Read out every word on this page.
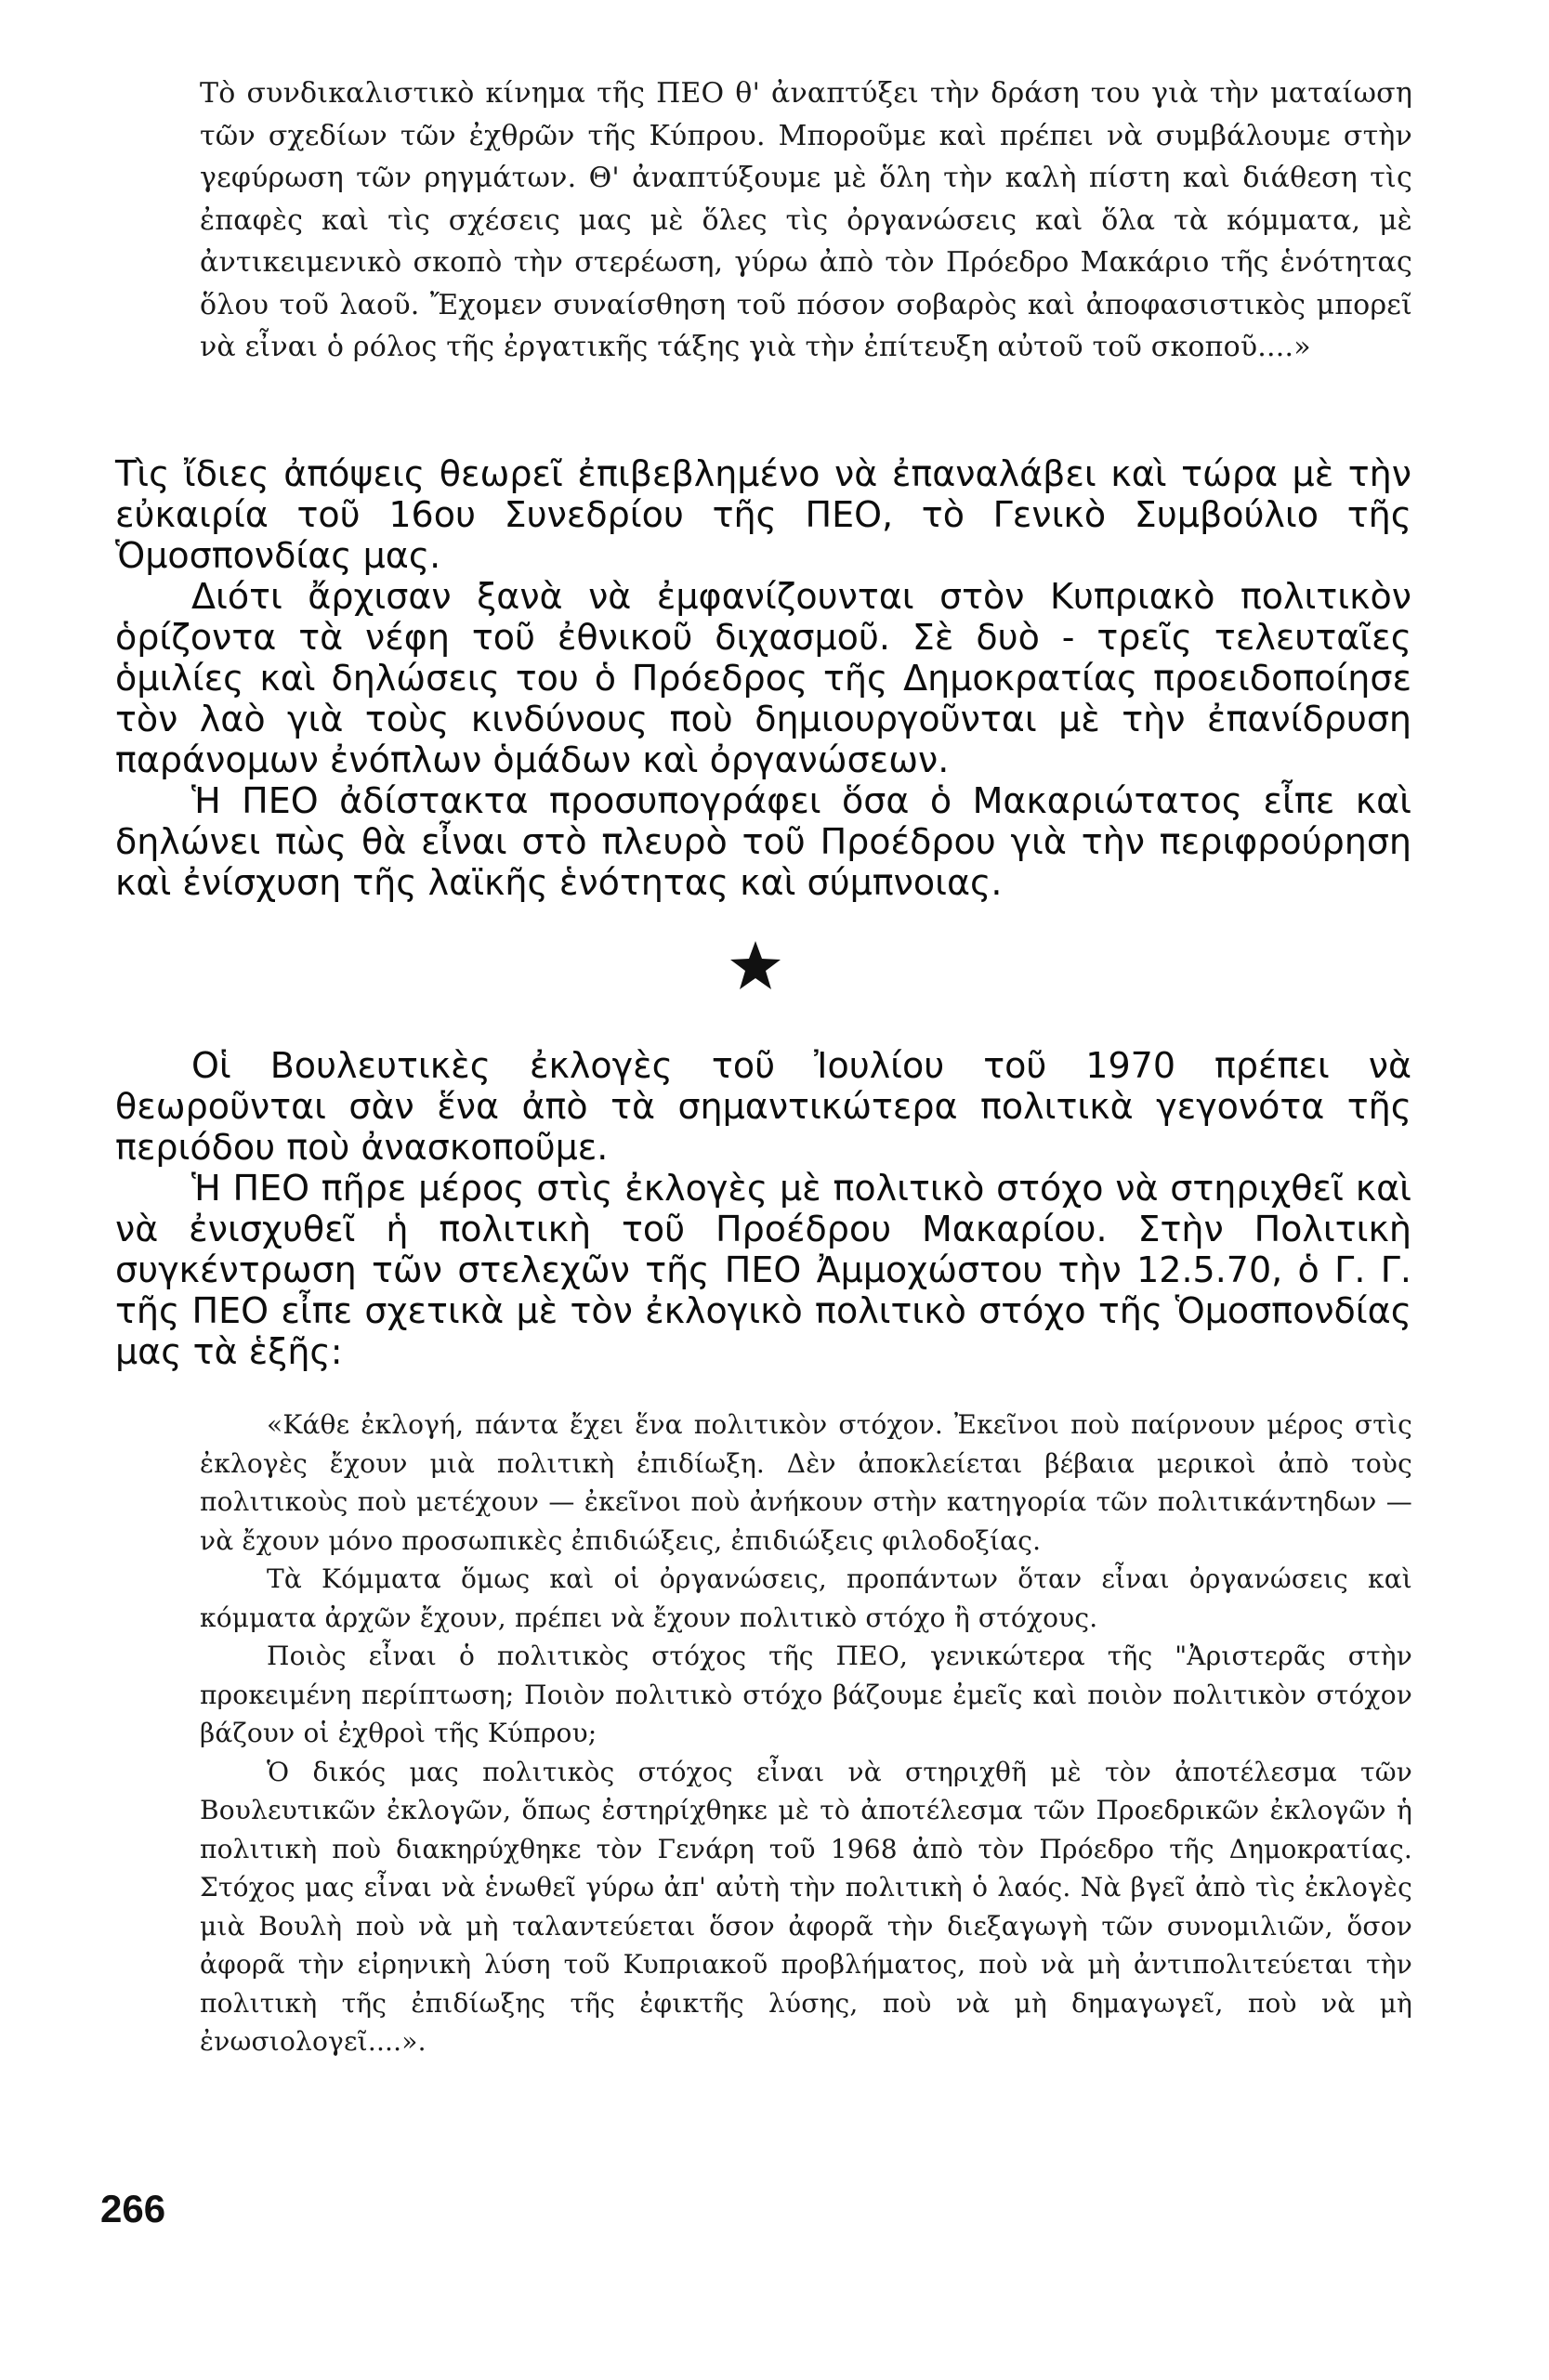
Τὸ συνδικαλιστικὸ κίνημα τῆς ΠΕΟ θ' ἀναπτύξει τὴν δράση του γιὰ τὴν ματαίωση τῶν σχεδίων τῶν ἐχθρῶν τῆς Κύπρου. Μποροῦμε καὶ πρέπει νὰ συμβάλουμε στὴν γεφύρωση τῶν ρηγμάτων. Θ' ἀναπτύξουμε μὲ ὅλη τὴν καλὴ πίστη καὶ διάθεση τὶς ἐπαφὲς καὶ τὶς σχέσεις μας μὲ ὅλες τὶς ὀργανώσεις καὶ ὅλα τὰ κόμματα, μὲ ἀντικειμενικὸ σκοπὸ τὴν στερέωση, γύρω ἀπὸ τὸν Πρόεδρο Μακάριο τῆς ἑνότητας ὅλου τοῦ λαοῦ. Ἔχομεν συναίσθηση τοῦ πόσον σοβαρὸς καὶ ἀποφασιστικὸς μπορεῖ νὰ εἶναι ὁ ρόλος τῆς ἐργατικῆς τάξης γιὰ τὴν ἐπίτευξη αὐτοῦ τοῦ σκοποῦ....»

Τὶς ἴδιες ἀπόψεις θεωρεῖ ἐπιβεβλημένο νὰ ἐπαναλάβει καὶ τώρα μὲ τὴν εὐκαιρία τοῦ 16ου Συνεδρίου τῆς ΠΕΟ, τὸ Γενικὸ Συμβούλιο τῆς Ὁμοσπονδίας μας.

Διότι ἄρχισαν ξανὰ νὰ ἐμφανίζουνται στὸν Κυπριακὸ πολιτικὸν ὁρίζοντα τὰ νέφη τοῦ ἐθνικοῦ διχασμοῦ. Σὲ δυὸ - τρεῖς τελευταῖες ὁμιλίες καὶ δηλώσεις του ὁ Πρόεδρος τῆς Δημοκρατίας προειδοποίησε τὸν λαὸ γιὰ τοὺς κινδύνους ποὺ δημιουργοῦνται μὲ τὴν ἐπανίδρυση παράνομων ἐνόπλων ὁμάδων καὶ ὀργανώσεων.

Ἡ ΠΕΟ ἀδίστακτα προσυπογράφει ὅσα ὁ Μακαριώτατος εἶπε καὶ δηλώνει πὼς θὰ εἶναι στὸ πλευρὸ τοῦ Προέδρου γιὰ τὴν περιφρούρηση καὶ ἐνίσχυση τῆς λαϊκῆς ἑνότητας καὶ σύμπνοιας.

Οἱ Βουλευτικὲς ἐκλογὲς τοῦ Ἰουλίου τοῦ 1970 πρέπει νὰ θεωροῦνται σὰν ἕνα ἀπὸ τὰ σημαντικώτερα πολιτικὰ γεγονότα τῆς περιόδου ποὺ ἀνασκοποῦμε.

Ἡ ΠΕΟ πῆρε μέρος στὶς ἐκλογὲς μὲ πολιτικὸ στόχο νὰ στηριχθεῖ καὶ νὰ ἐνισχυθεῖ ἡ πολιτικὴ τοῦ Προέδρου Μακαρίου. Στὴν Πολιτικὴ συγκέντρωση τῶν στελεχῶν τῆς ΠΕΟ Ἀμμοχώστου τὴν 12.5.70, ὁ Γ. Γ. τῆς ΠΕΟ εἶπε σχετικὰ μὲ τὸν ἐκλογικὸ πολιτικὸ στόχο τῆς Ὁμοσπονδίας μας τὰ ἑξῆς:

«Κάθε ἐκλογή, πάντα ἔχει ἕνα πολιτικὸν στόχον. Ἐκεῖνοι ποὺ παίρνουν μέρος στὶς ἐκλογὲς ἔχουν μιὰ πολιτικὴ ἐπιδίωξη. Δὲν ἀποκλείεται βέβαια μερικοὶ ἀπὸ τοὺς πολιτικοὺς ποὺ μετέχουν — ἐκεῖνοι ποὺ ἀνήκουν στὴν κατηγορία τῶν πολιτικάντηδων — νὰ ἔχουν μόνο προσωπικὲς ἐπιδιώξεις, ἐπιδιώξεις φιλοδοξίας.

Τὰ Κόμματα ὅμως καὶ οἱ ὀργανώσεις, προπάντων ὅταν εἶναι ὀργανώσεις καὶ κόμματα ἀρχῶν ἔχουν, πρέπει νὰ ἔχουν πολιτικὸ στόχο ἢ στόχους.

Ποιὸς εἶναι ὁ πολιτικὸς στόχος τῆς ΠΕΟ, γενικώτερα τῆς "Ἀριστερᾶς στὴν προκειμένη περίπτωση; Ποιὸν πολιτικὸ στόχο βάζουμε ἐμεῖς καὶ ποιὸν πολιτικὸν στόχον βάζουν οἱ ἐχθροὶ τῆς Κύπρου;

Ὁ δικός μας πολιτικὸς στόχος εἶναι νὰ στηριχθῆ μὲ τὸν ἀποτέλεσμα τῶν Βουλευτικῶν ἐκλογῶν, ὅπως ἐστηρίχθηκε μὲ τὸ ἀποτέλεσμα τῶν Προεδρικῶν ἐκλογῶν ἡ πολιτικὴ ποὺ διακηρύχθηκε τὸν Γενάρη τοῦ 1968 ἀπὸ τὸν Πρόεδρο τῆς Δημοκρατίας. Στόχος μας εἶναι νὰ ἑνωθεῖ γύρω ἀπ' αὐτὴ τὴν πολιτικὴ ὁ λαός. Νὰ βγεῖ ἀπὸ τὶς ἐκλογὲς μιὰ Βουλὴ ποὺ νὰ μὴ ταλαντεύεται ὅσον ἀφορᾶ τὴν διεξαγωγὴ τῶν συνομιλιῶν, ὅσον ἀφορᾶ τὴν εἰρηνικὴ λύση τοῦ Κυπριακοῦ προβλήματος, ποὺ νὰ μὴ ἀντιπολιτεύεται τὴν πολιτικὴ τῆς ἐπιδίωξης τῆς ἐφικτῆς λύσης, ποὺ νὰ μὴ δημαγωγεῖ, ποὺ νὰ μὴ ἐνωσιολογεῖ....».

266
